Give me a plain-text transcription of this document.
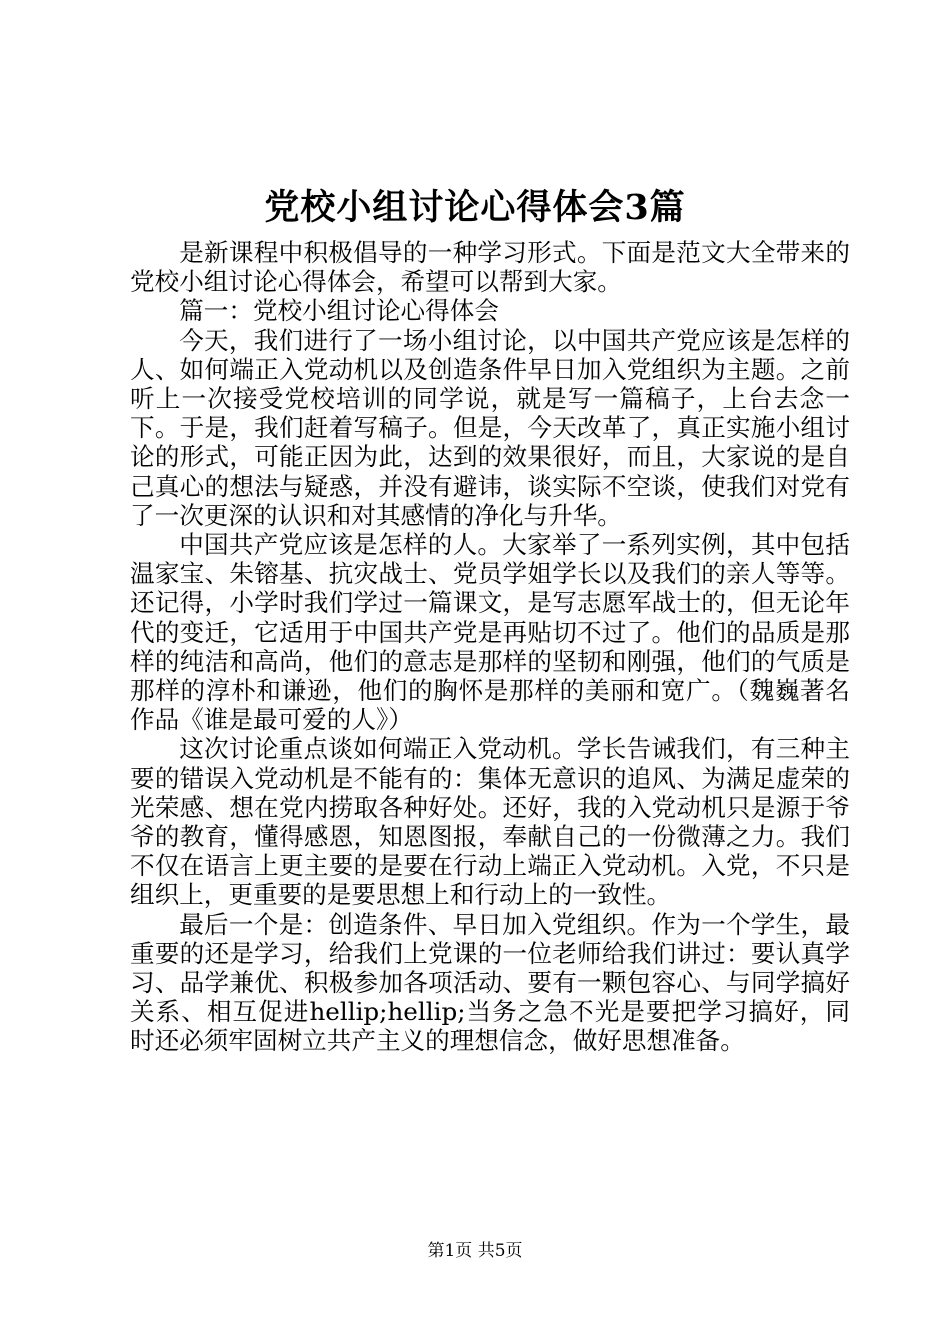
党校小组讨论心得体会3篇

是新课程中积极倡导的一种学习形式。下面是范文大全带来的党校小组讨论心得体会，希望可以帮到大家。

篇一：党校小组讨论心得体会

今天，我们进行了一场小组讨论，以中国共产党应该是怎样的人、如何端正入党动机以及创造条件早日加入党组织为主题。之前听上一次接受党校培训的同学说，就是写一篇稿子，上台去念一下。于是，我们赶着写稿子。但是，今天改革了，真正实施小组讨论的形式，可能正因为此，达到的效果很好，而且，大家说的是自己真心的想法与疑惑，并没有避讳，谈实际不空谈，使我们对党有了一次更深的认识和对其感情的净化与升华。

中国共产党应该是怎样的人。大家举了一系列实例，其中包括温家宝、朱镕基、抗灾战士、党员学姐学长以及我们的亲人等等。还记得，小学时我们学过一篇课文，是写志愿军战士的，但无论年代的变迁，它适用于中国共产党是再贴切不过了。他们的品质是那样的纯洁和高尚，他们的意志是那样的坚韧和刚强，他们的气质是那样的淳朴和谦逊，他们的胸怀是那样的美丽和宽广。（魏巍著名作品《谁是最可爱的人》）

这次讨论重点谈如何端正入党动机。学长告诫我们，有三种主要的错误入党动机是不能有的：集体无意识的追风、为满足虚荣的光荣感、想在党内捞取各种好处。还好，我的入党动机只是源于爷爷的教育，懂得感恩，知恩图报，奉献自己的一份微薄之力。我们不仅在语言上更主要的是要在行动上端正入党动机。入党，不只是组织上，更重要的是要思想上和行动上的一致性。

最后一个是：创造条件、早日加入党组织。作为一个学生，最重要的还是学习，给我们上党课的一位老师给我们讲过：要认真学习、品学兼优、积极参加各项活动、要有一颗包容心、与同学搞好关系、相互促进hellip;hellip;当务之急不光是要把学习搞好，同时还必须牢固树立共产主义的理想信念，做好思想准备。

第1页 共5页
